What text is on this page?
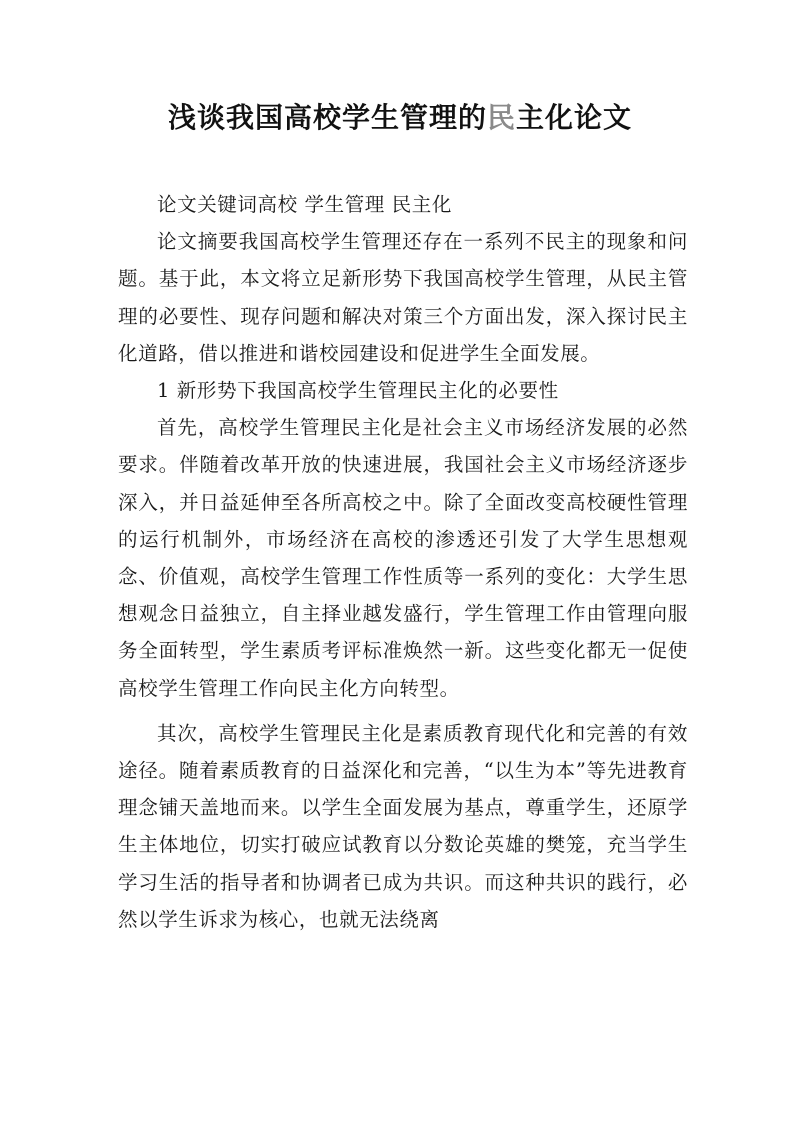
浅谈我国高校学生管理的民主化论文

论文关键词高校 学生管理 民主化

论文摘要我国高校学生管理还存在一系列不民主的现象和问题。基于此，本文将立足新形势下我国高校学生管理，从民主管理的必要性、现存问题和解决对策三个方面出发，深入探讨民主化道路，借以推进和谐校园建设和促进学生全面发展。

1 新形势下我国高校学生管理民主化的必要性

首先，高校学生管理民主化是社会主义市场经济发展的必然要求。伴随着改革开放的快速进展，我国社会主义市场经济逐步深入，并日益延伸至各所高校之中。除了全面改变高校硬性管理的运行机制外，市场经济在高校的渗透还引发了大学生思想观念、价值观，高校学生管理工作性质等一系列的变化：大学生思想观念日益独立，自主择业越发盛行，学生管理工作由管理向服务全面转型，学生素质考评标准焕然一新。这些变化都无一促使高校学生管理工作向民主化方向转型。

其次，高校学生管理民主化是素质教育现代化和完善的有效途径。随着素质教育的日益深化和完善，“以生为本”等先进教育理念铺天盖地而来。以学生全面发展为基点，尊重学生，还原学生主体地位，切实打破应试教育以分数论英雄的樊笼，充当学生学习生活的指导者和协调者已成为共识。而这种共识的践行，必然以学生诉求为核心，也就无法绕离
